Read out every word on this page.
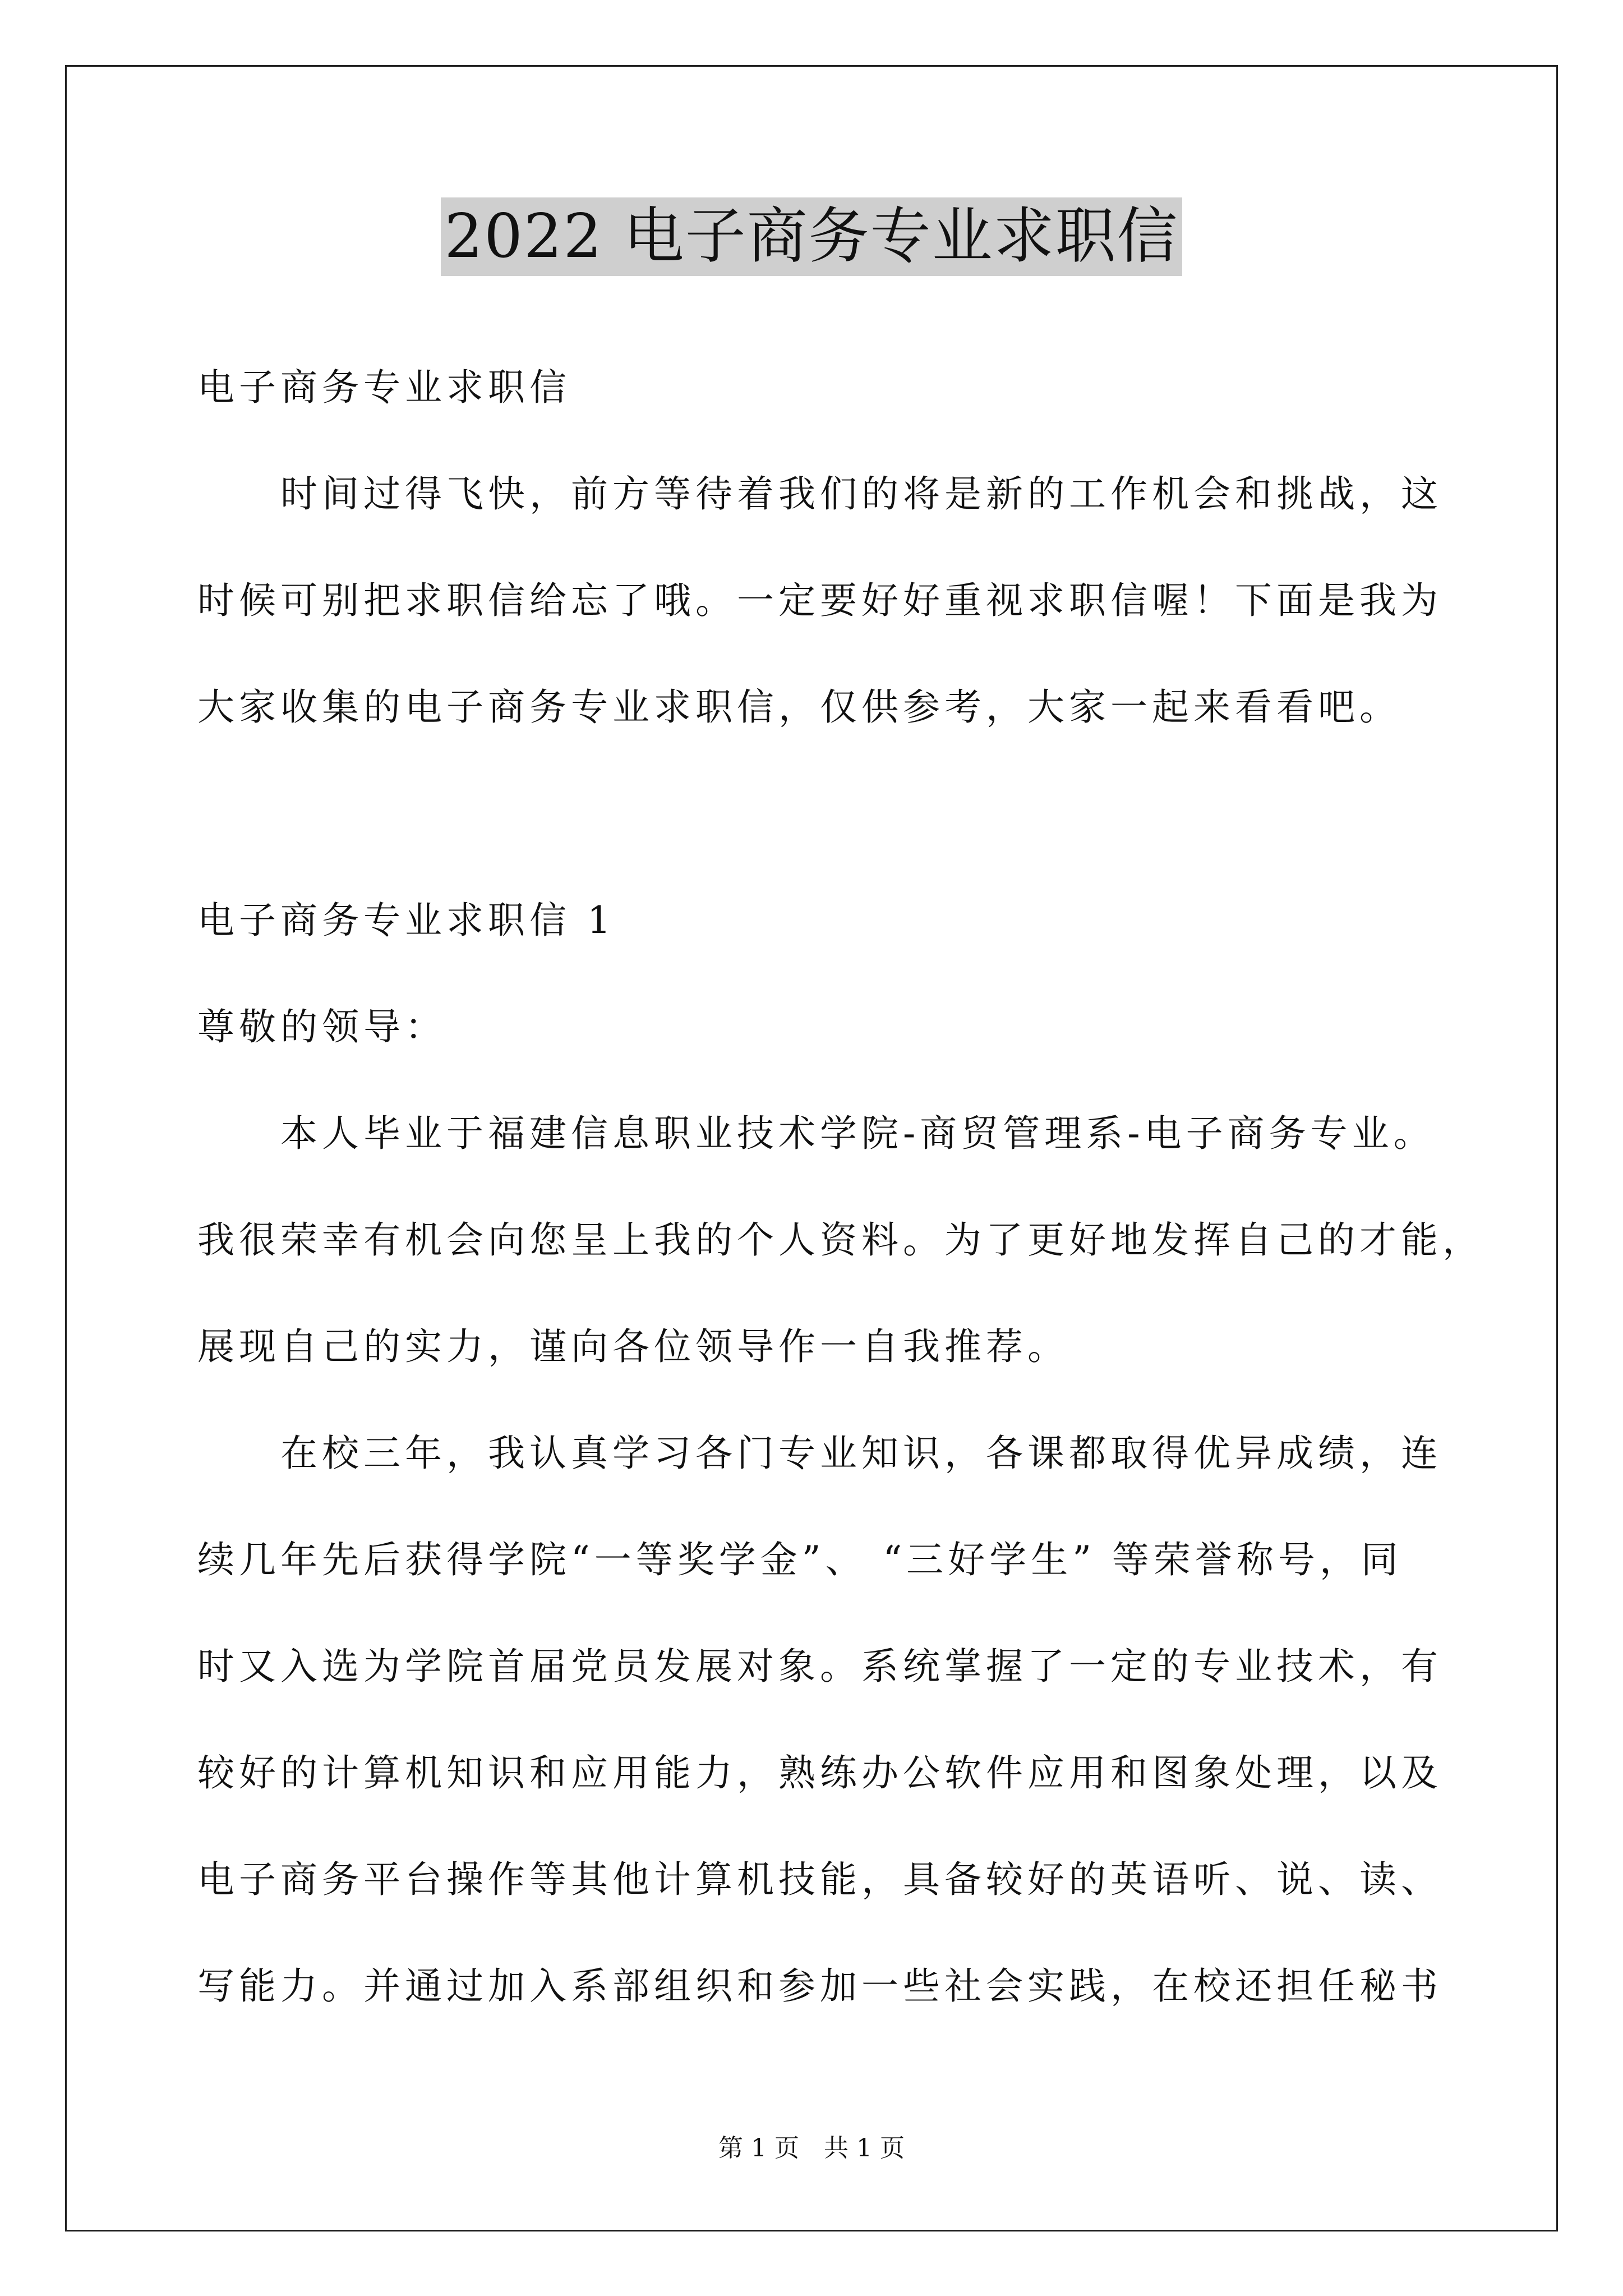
2022 电子商务专业求职信
电子商务专业求职信
时间过得飞快，前方等待着我们的将是新的工作机会和挑战，这
时候可别把求职信给忘了哦。一定要好好重视求职信喔！下面是我为
大家收集的电子商务专业求职信，仅供参考，大家一起来看看吧。
电子商务专业求职信 1
尊敬的领导：
本人毕业于福建信息职业技术学院-商贸管理系-电子商务专业。
我很荣幸有机会向您呈上我的个人资料。为了更好地发挥自己的才能，
展现自己的实力，谨向各位领导作一自我推荐。
在校三年，我认真学习各门专业知识，各课都取得优异成绩，连
续几年先后获得学院“一等奖学金”、 “三好学生” 等荣誉称号，同
时又入选为学院首届党员发展对象。系统掌握了一定的专业技术，有
较好的计算机知识和应用能力，熟练办公软件应用和图象处理，以及
电子商务平台操作等其他计算机技能，具备较好的英语听、说、读、
写能力。并通过加入系部组织和参加一些社会实践，在校还担任秘书
第 1 页　共 1 页
